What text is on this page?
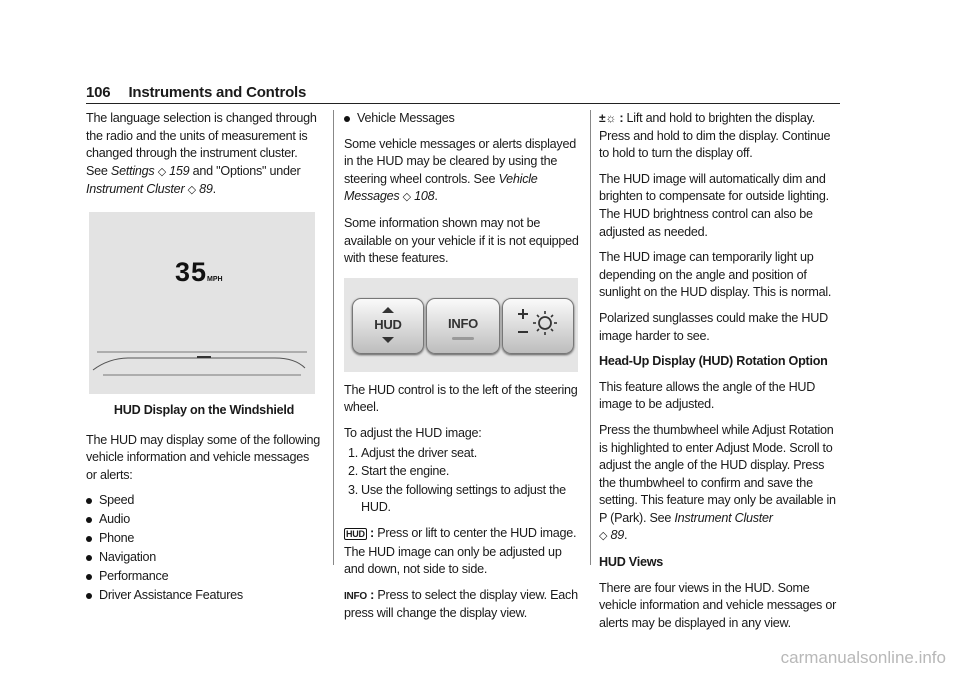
106 Instruments and Controls

The language selection is changed through the radio and the units of measurement is changed through the instrument cluster. See Settings ◇ 159 and "Options" under Instrument Cluster ◇ 89.

35MPH
HUD Display on the Windshield

The HUD may display some of the following vehicle information and vehicle messages or alerts:

Speed
Audio
Phone
Navigation
Performance
Driver Assistance Features
Vehicle Messages

Some vehicle messages or alerts displayed in the HUD may be cleared by using the steering wheel controls. See Vehicle Messages ◇ 108.

Some information shown may not be available on your vehicle if it is not equipped with these features.

HUD	INFO

The HUD control is to the left of the steering wheel.

To adjust the HUD image:

1. Adjust the driver seat.
2. Start the engine.
3. Use the following settings to adjust the HUD.

HUD : Press or lift to center the HUD image. The HUD image can only be adjusted up and down, not side to side.

INFO : Press to select the display view. Each press will change the display view.

±☼ : Lift and hold to brighten the display. Press and hold to dim the display. Continue to hold to turn the display off.

The HUD image will automatically dim and brighten to compensate for outside lighting. The HUD brightness control can also be adjusted as needed.

The HUD image can temporarily light up depending on the angle and position of sunlight on the HUD display. This is normal.

Polarized sunglasses could make the HUD image harder to see.

Head-Up Display (HUD) Rotation Option

This feature allows the angle of the HUD image to be adjusted.

Press the thumbwheel while Adjust Rotation is highlighted to enter Adjust Mode. Scroll to adjust the angle of the HUD display. Press the thumbwheel to confirm and save the setting. This feature may only be available in P (Park). See Instrument Cluster
◇ 89.

HUD Views

There are four views in the HUD. Some vehicle information and vehicle messages or alerts may be displayed in any view.

carmanualsonline.info
